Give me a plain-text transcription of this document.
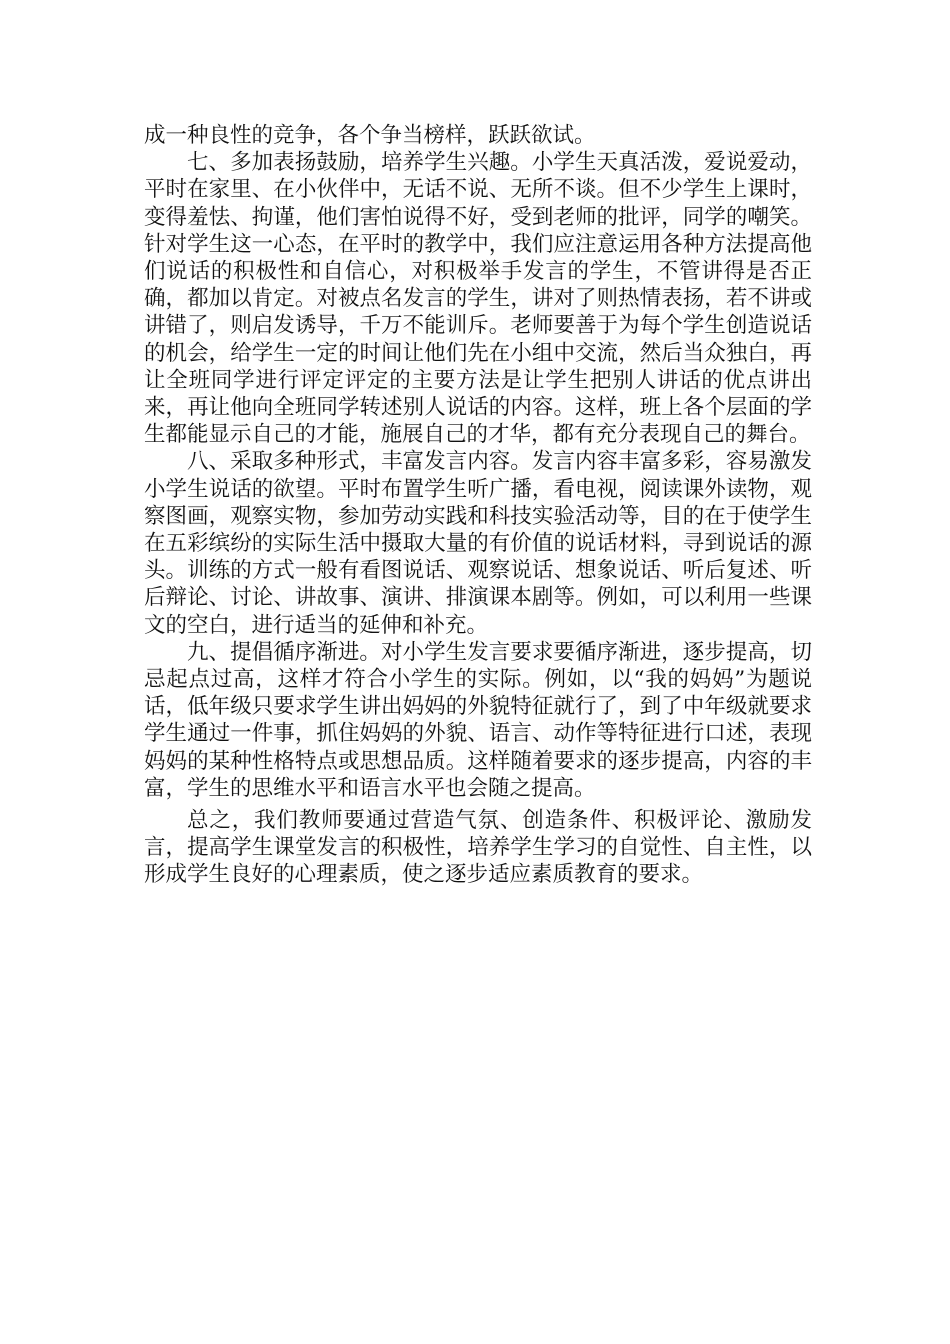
成一种良性的竞争，各个争当榜样，跃跃欲试。

七、多加表扬鼓励，培养学生兴趣。小学生天真活泼，爱说爱动，平时在家里、在小伙伴中，无话不说、无所不谈。但不少学生上课时，变得羞怯、拘谨，他们害怕说得不好，受到老师的批评，同学的嘲笑。针对学生这一心态，在平时的教学中，我们应注意运用各种方法提高他们说话的积极性和自信心，对积极举手发言的学生，不管讲得是否正确，都加以肯定。对被点名发言的学生，讲对了则热情表扬，若不讲或讲错了，则启发诱导，千万不能训斥。老师要善于为每个学生创造说话的机会，给学生一定的时间让他们先在小组中交流，然后当众独白，再让全班同学进行评定评定的主要方法是让学生把别人讲话的优点讲出来，再让他向全班同学转述别人说话的内容。这样，班上各个层面的学生都能显示自己的才能，施展自己的才华，都有充分表现自己的舞台。

八、采取多种形式，丰富发言内容。发言内容丰富多彩，容易激发小学生说话的欲望。平时布置学生听广播，看电视，阅读课外读物，观察图画，观察实物，参加劳动实践和科技实验活动等，目的在于使学生在五彩缤纷的实际生活中摄取大量的有价值的说话材料，寻到说话的源头。训练的方式一般有看图说话、观察说话、想象说话、听后复述、听后辩论、讨论、讲故事、演讲、排演课本剧等。例如，可以利用一些课文的空白，进行适当的延伸和补充。

九、提倡循序渐进。对小学生发言要求要循序渐进，逐步提高，切忌起点过高，这样才符合小学生的实际。例如，以“我的妈妈”为题说话，低年级只要求学生讲出妈妈的外貌特征就行了，到了中年级就要求学生通过一件事，抓住妈妈的外貌、语言、动作等特征进行口述，表现妈妈的某种性格特点或思想品质。这样随着要求的逐步提高，内容的丰富，学生的思维水平和语言水平也会随之提高。

总之，我们教师要通过营造气氛、创造条件、积极评论、激励发言，提高学生课堂发言的积极性，培养学生学习的自觉性、自主性，以形成学生良好的心理素质，使之逐步适应素质教育的要求。
